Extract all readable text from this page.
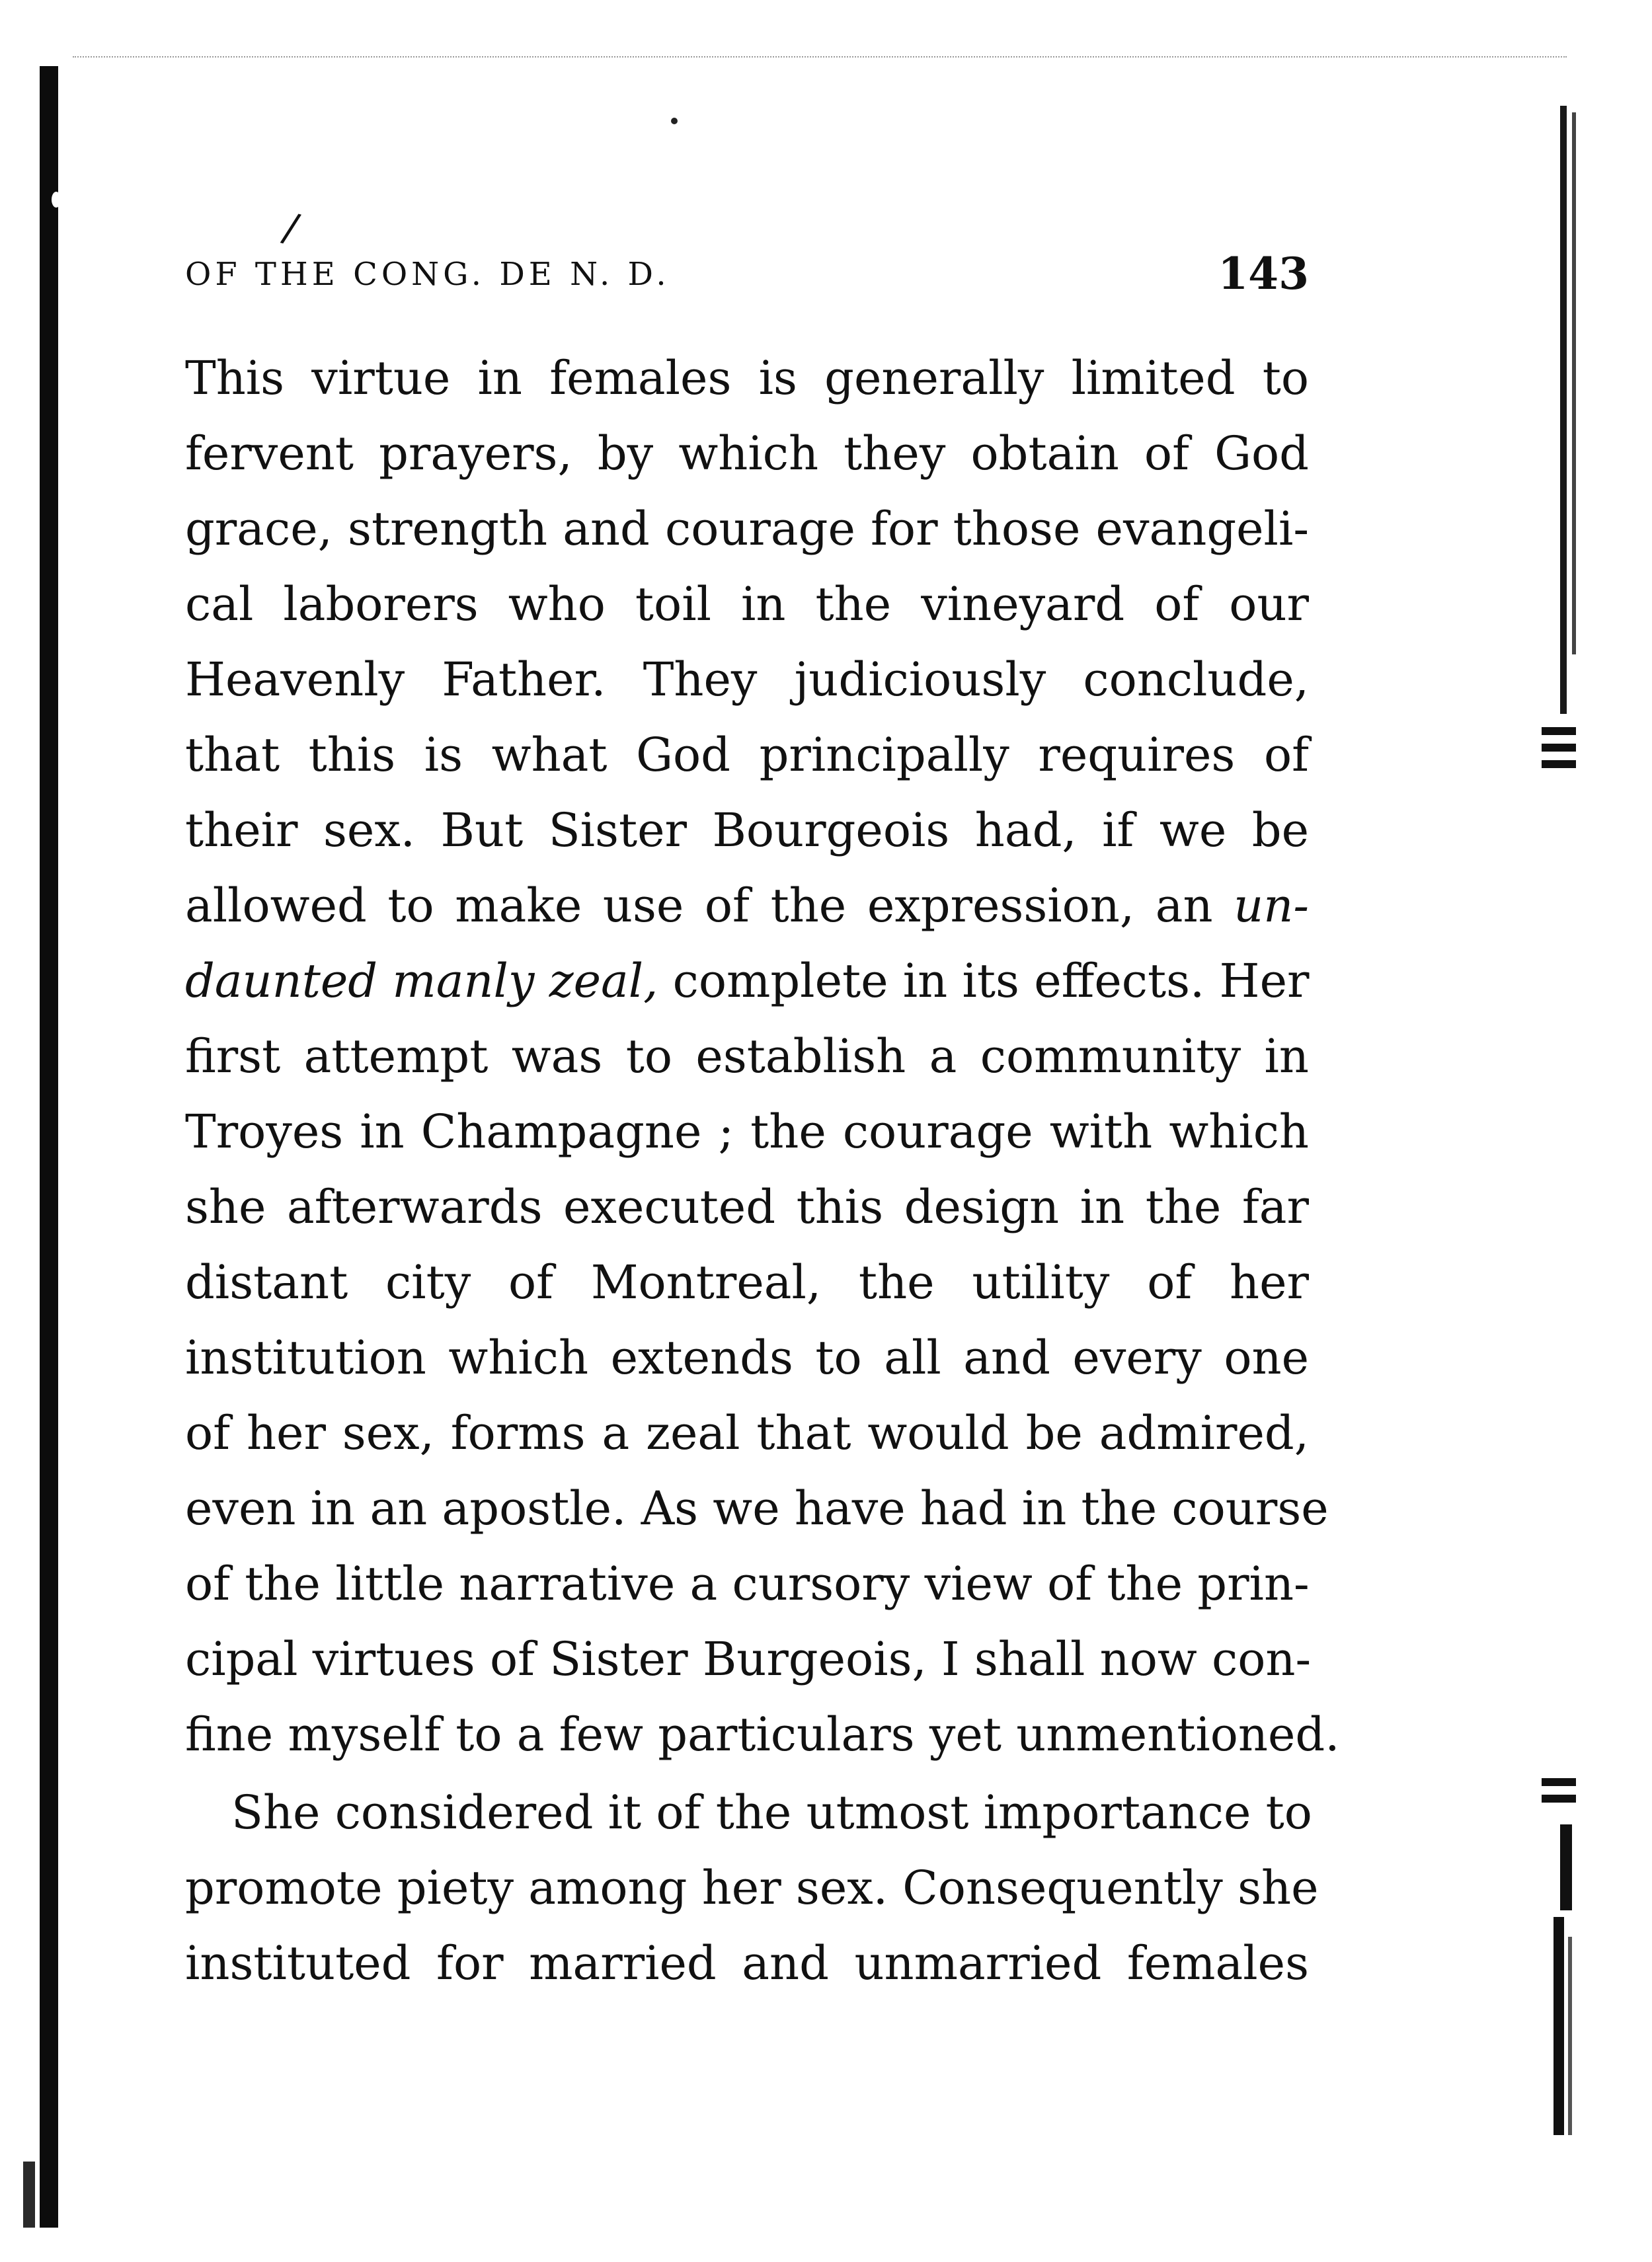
/
OF THE CONG. DE N. D.	143
This virtue in females is generally limited to
fervent prayers, by which they obtain of God
grace, strength and courage for those evangeli-
cal laborers who toil in the vineyard of our
Heavenly Father. They judiciously conclude,
that this is what God principally requires of
their sex. But Sister Bourgeois had, if we be
allowed to make use of the expression, an un-
daunted manly zeal, complete in its effects. Her
first attempt was to establish a community in
Troyes in Champagne ; the courage with which
she afterwards executed this design in the far
distant city of Montreal, the utility of her
institution which extends to all and every one
of her sex, forms a zeal that would be admired,
even in an apostle. As we have had in the course
of the little narrative a cursory view of the prin-
cipal virtues of Sister Burgeois, I shall now con-
fine myself to a few particulars yet unmentioned.
She considered it of the utmost importance to
promote piety among her sex. Consequently she
instituted for married and unmarried females
